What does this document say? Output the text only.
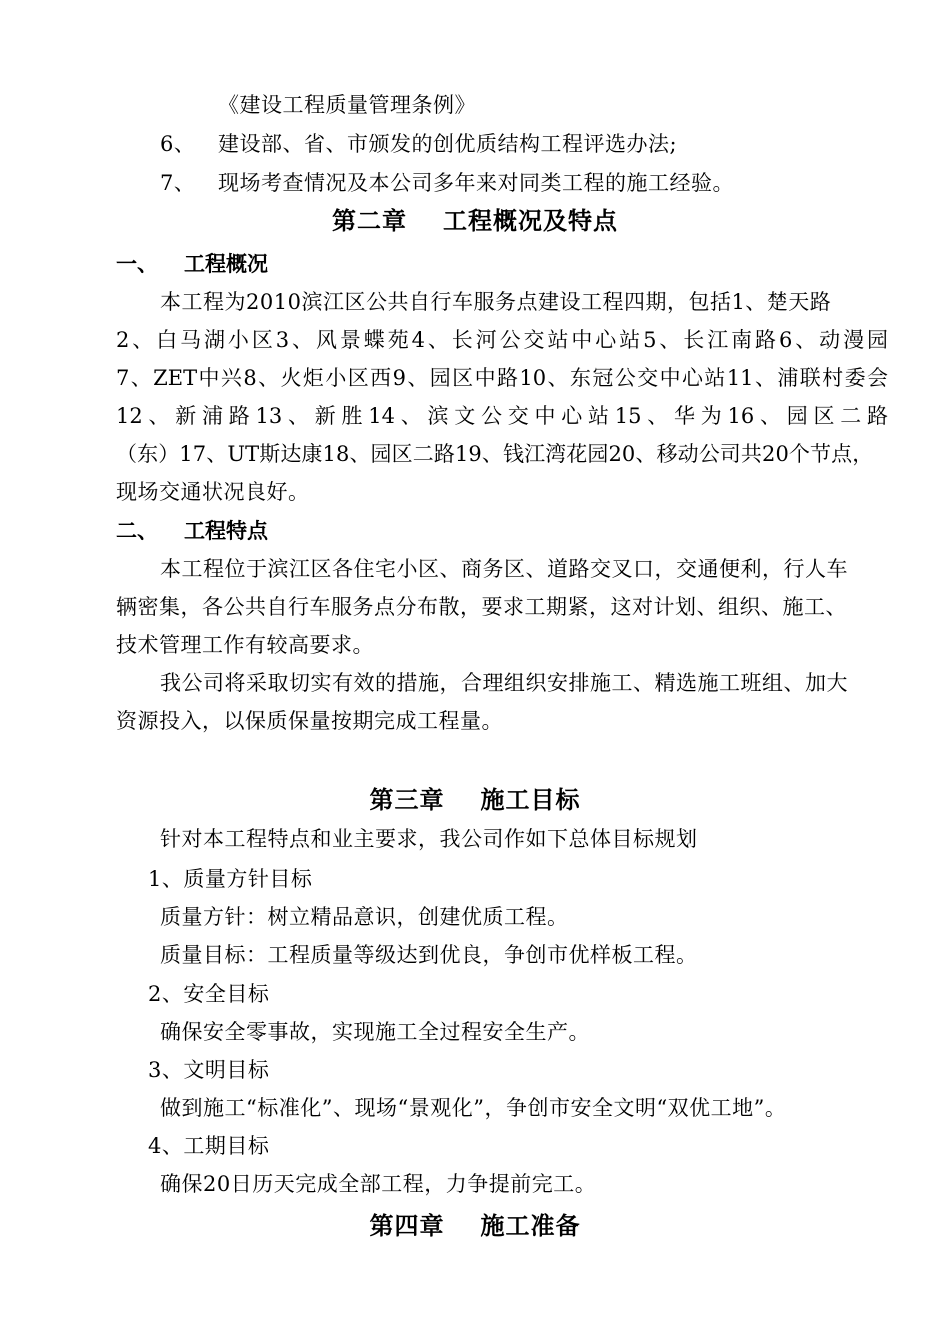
《建设工程质量管理条例》
6、 建设部、省、市颁发的创优质结构工程评选办法;
7、 现场考查情况及本公司多年来对同类工程的施工经验。
第二章 工程概况及特点
一、 工程概况
本工程为2010滨江区公共自行车服务点建设工程四期，包括1、楚天路
2、白马湖小区3、风景蝶苑4、长河公交站中心站5、长江南路6、动漫园
7、ZET中兴8、火炬小区西9、园区中路10、东冠公交中心站11、浦联村委会
12、新浦路13、新胜14、滨文公交中心站15、华为16、园区二路
（东）17、UT斯达康18、园区二路19、钱江湾花园20、移动公司共20个节点，
现场交通状况良好。
二、 工程特点
本工程位于滨江区各住宅小区、商务区、道路交叉口，交通便利，行人车
辆密集，各公共自行车服务点分布散，要求工期紧，这对计划、组织、施工、
技术管理工作有较高要求。
我公司将采取切实有效的措施，合理组织安排施工、精选施工班组、加大
资源投入，以保质保量按期完成工程量。
第三章 施工目标
针对本工程特点和业主要求，我公司作如下总体目标规划
1、质量方针目标
质量方针：树立精品意识，创建优质工程。
质量目标：工程质量等级达到优良，争创市优样板工程。
2、安全目标
确保安全零事故，实现施工全过程安全生产。
3、文明目标
做到施工“标准化”、现场“景观化”，争创市安全文明“双优工地”。
4、工期目标
确保20日历天完成全部工程，力争提前完工。
第四章 施工准备
